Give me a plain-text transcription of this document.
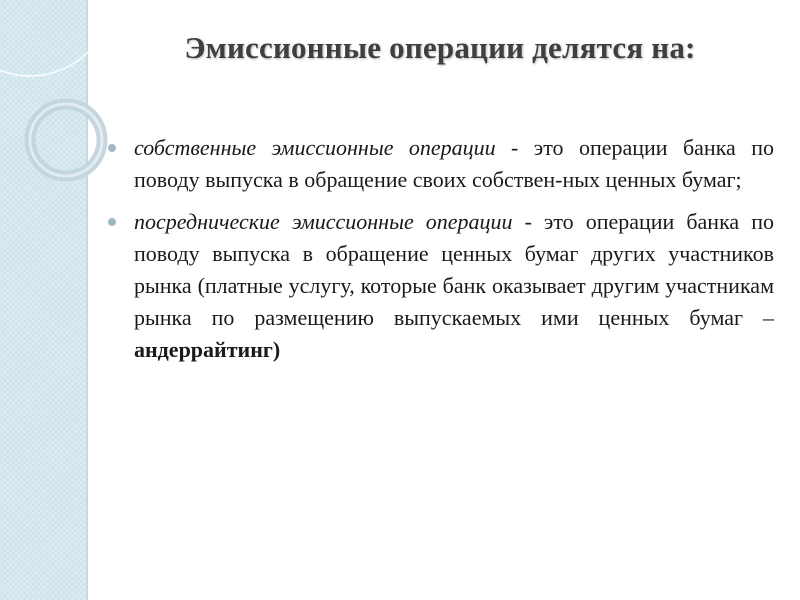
Эмиссионные операции делятся на:
собственные эмиссионные операции - это операции банка по поводу выпуска в обращение своих собствен-ных ценных бумаг;
посреднические эмиссионные операции - это операции банка по поводу выпуска в обращение ценных бумаг других участников рынка (платные услугу, которые банк оказывает другим участникам рынка по размещению выпускаемых ими ценных бумаг – андеррайтинг)
